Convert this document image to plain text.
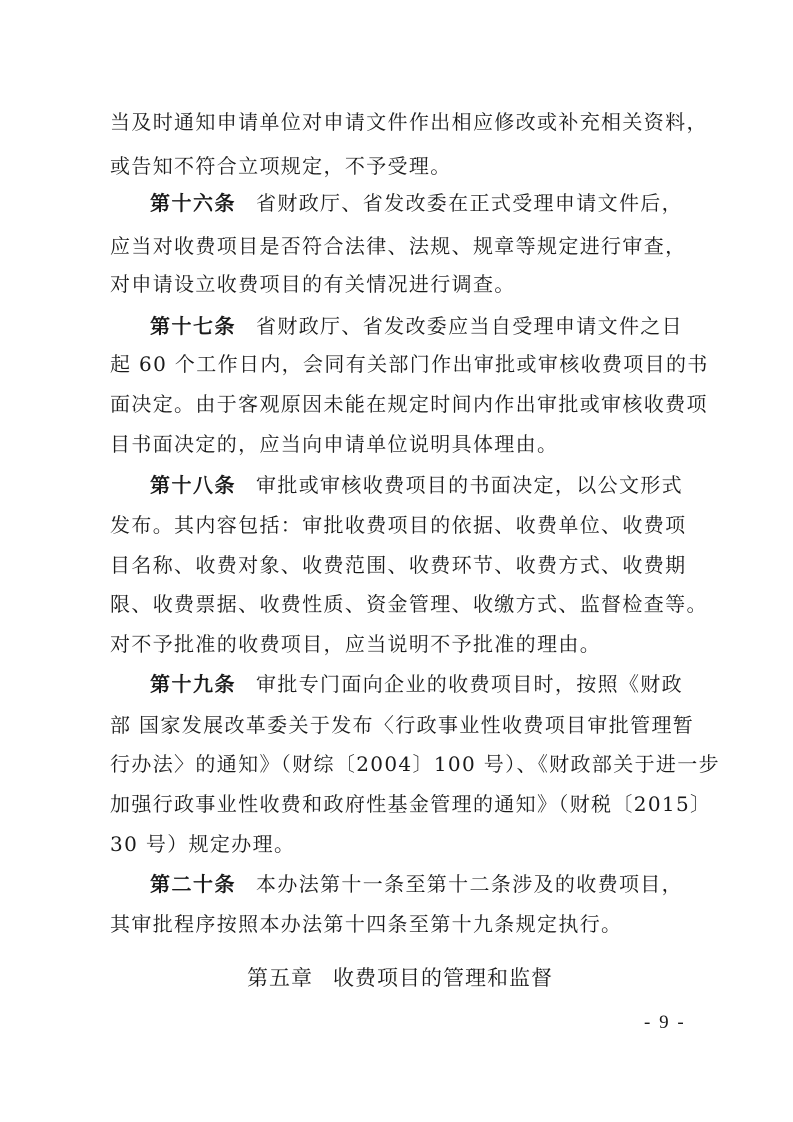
当及时通知申请单位对申请文件作出相应修改或补充相关资料，
或告知不符合立项规定，不予受理。
第十六条 省财政厅、省发改委在正式受理申请文件后，
应当对收费项目是否符合法律、法规、规章等规定进行审查，
对申请设立收费项目的有关情况进行调查。
第十七条 省财政厅、省发改委应当自受理申请文件之日
起 60 个工作日内，会同有关部门作出审批或审核收费项目的书
面决定。由于客观原因未能在规定时间内作出审批或审核收费项
目书面决定的，应当向申请单位说明具体理由。
第十八条 审批或审核收费项目的书面决定，以公文形式
发布。其内容包括：审批收费项目的依据、收费单位、收费项
目名称、收费对象、收费范围、收费环节、收费方式、收费期
限、收费票据、收费性质、资金管理、收缴方式、监督检查等。
对不予批准的收费项目，应当说明不予批准的理由。
第十九条 审批专门面向企业的收费项目时，按照《财政
部 国家发展改革委关于发布〈行政事业性收费项目审批管理暂
行办法〉的通知》（财综〔2004〕100 号）、《财政部关于进一步
加强行政事业性收费和政府性基金管理的通知》（财税〔2015〕
30 号）规定办理。
第二十条 本办法第十一条至第十二条涉及的收费项目，
其审批程序按照本办法第十四条至第十九条规定执行。
第五章 收费项目的管理和监督
- 9 -
